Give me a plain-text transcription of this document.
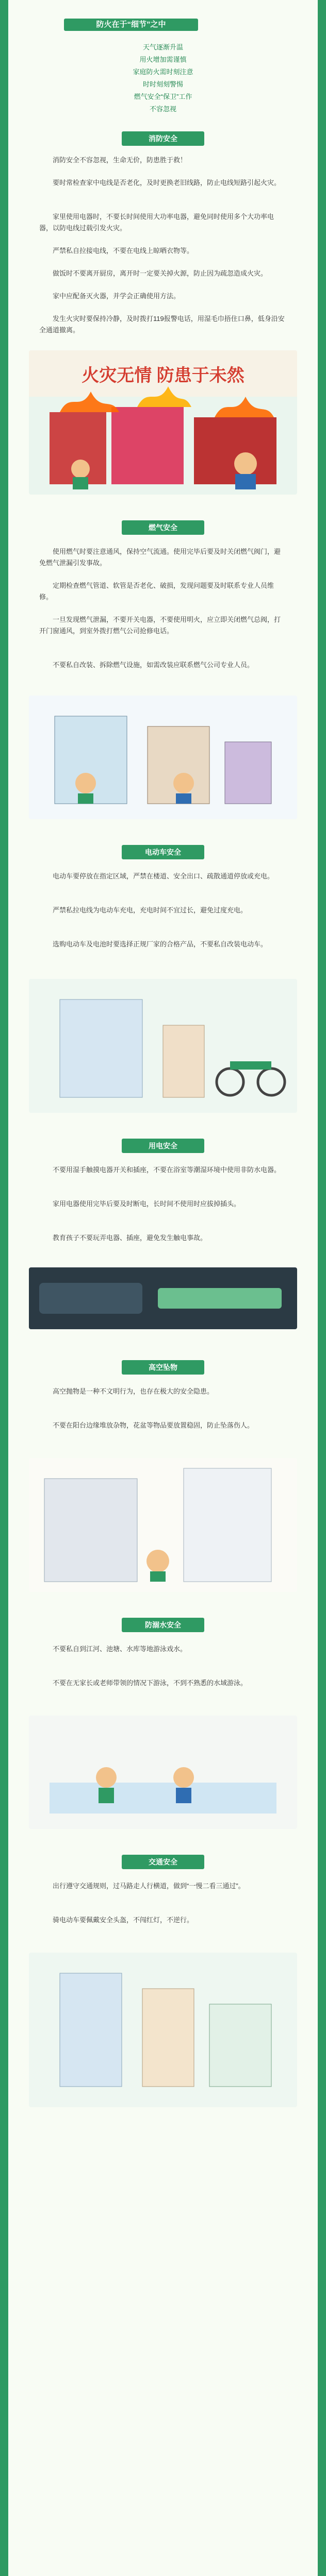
防火在于“细节”之中
天气逐渐升温
用火增加需谨慎
家庭防火需时刻注意
时时刻刻警惕
燃气安全“保卫”工作
不容忽视
消防安全
消防安全不容忽视，生命无价，防患胜于救！
要时常检查家中电线是否老化，及时更换老旧线路，防止电线短路引起火灾。
家里使用电器时，不要长时间使用大功率电器，避免同时使用多个大功率电器，以防电线过载引发火灾。
严禁私自拉接电线，不要在电线上晾晒衣物等。
做饭时不要离开厨房，离开时一定要关掉火源，防止因为疏忽造成火灾。
家中应配备灭火器，并学会正确使用方法。
发生火灾时要保持冷静，及时拨打119报警电话，用湿毛巾捂住口鼻，低身沿安全通道撤离。
火灾无情 防患于未然
燃气安全
使用燃气时要注意通风，保持空气流通。使用完毕后要及时关闭燃气阀门，避免燃气泄漏引发事故。
定期检查燃气管道、软管是否老化、破损，发现问题要及时联系专业人员维修。
一旦发现燃气泄漏，不要开关电器，不要使用明火，应立即关闭燃气总阀，打开门窗通风，到室外拨打燃气公司抢修电话。
不要私自改装、拆除燃气设施，如需改装应联系燃气公司专业人员。
电动车安全
电动车要停放在指定区域，严禁在楼道、安全出口、疏散通道停放或充电。
严禁私拉电线为电动车充电，充电时间不宜过长，避免过度充电。
选购电动车及电池时要选择正规厂家的合格产品，不要私自改装电动车。
用电安全
不要用湿手触摸电器开关和插座，不要在浴室等潮湿环境中使用非防水电器。
家用电器使用完毕后要及时断电，长时间不使用时应拔掉插头。
教育孩子不要玩弄电器、插座，避免发生触电事故。
高空坠物
高空抛物是一种不文明行为，也存在极大的安全隐患。
不要在阳台边缘堆放杂物，花盆等物品要放置稳固，防止坠落伤人。
防溺水安全
不要私自到江河、池塘、水库等地游泳戏水。
不要在无家长或老师带领的情况下游泳，不到不熟悉的水域游泳。
交通安全
出行遵守交通规则，过马路走人行横道，做到“一慢二看三通过”。
骑电动车要佩戴安全头盔，不闯红灯，不逆行。
